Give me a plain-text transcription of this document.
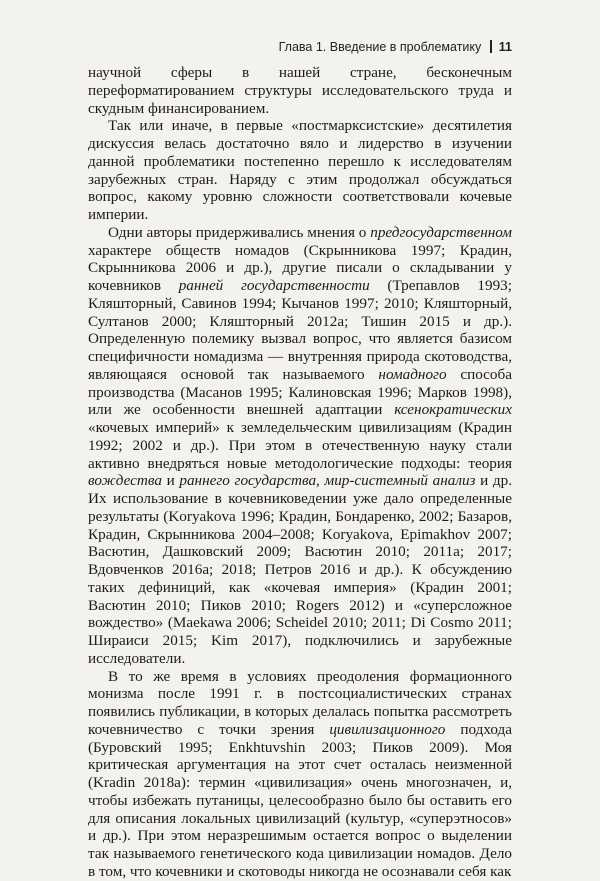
Глава 1. Введение в проблематику 11

научной сферы в нашей стране, бесконечным переформатированием структуры исследовательского труда и скудным финансированием.

Так или иначе, в первые «постмарксистские» десятилетия дискуссия велась достаточно вяло и лидерство в изучении данной проблематики постепенно перешло к исследователям зарубежных стран. Наряду с этим продолжал обсуждаться вопрос, какому уровню сложности соответствовали кочевые империи.

Одни авторы придерживались мнения о предгосударственном характере обществ номадов (Скрынникова 1997; Крадин, Скрынникова 2006 и др.), другие писали о складывании у кочевников ранней государственности (Трепавлов 1993; Кляшторный, Савинов 1994; Кычанов 1997; 2010; Кляшторный, Султанов 2000; Кляшторный 2012а; Тишин 2015 и др.). Определенную полемику вызвал вопрос, что является базисом специфичности номадизма — внутренняя природа скотоводства, являющаяся основой так называемого номадного способа производства (Масанов 1995; Калиновская 1996; Марков 1998), или же особенности внешней адаптации ксенократических «кочевых империй» к земледельческим цивилизациям (Крадин 1992; 2002 и др.). При этом в отечественную науку стали активно внедряться новые методологические подходы: теория вождества и раннего государства, мир-системный анализ и др. Их использование в кочевниковедении уже дало определенные результаты (Korуakova 1996; Крадин, Бондаренко, 2002; Базаров, Крадин, Скрынникова 2004–2008; Korуakova, Epimakhov 2007; Васютин, Дашковский 2009; Васютин 2010; 2011a; 2017; Вдовченков 2016a; 2018; Петров 2016 и др.). К обсуждению таких дефиниций, как «кочевая империя» (Крадин 2001; Васютин 2010; Пиков 2010; Rogers 2012) и «суперсложное вождество» (Maekawa 2006; Scheidel 2010; 2011; Di Cosmo 2011; Шираиси 2015; Kim 2017), подключились и зарубежные исследователи.

В то же время в условиях преодоления формационного монизма после 1991 г. в постсоциалистических странах появились публикации, в которых делалась попытка рассмотреть кочевничество с точки зрения цивилизационного подхода (Буровский 1995; Enkhtuvshin 2003; Пиков 2009). Моя критическая аргументация на этот счет осталась неизменной (Kradin 2018a): термин «цивилизация» очень многозначен, и, чтобы избежать путаницы, целесообразно было бы оставить его для описания локальных цивилизаций (культур, «суперэтносов» и др.). При этом неразрешимым остается вопрос о выделении так называемого генетического кода цивилизации номадов. Дело в том, что кочевники и скотоводы никогда не осознавали себя как
